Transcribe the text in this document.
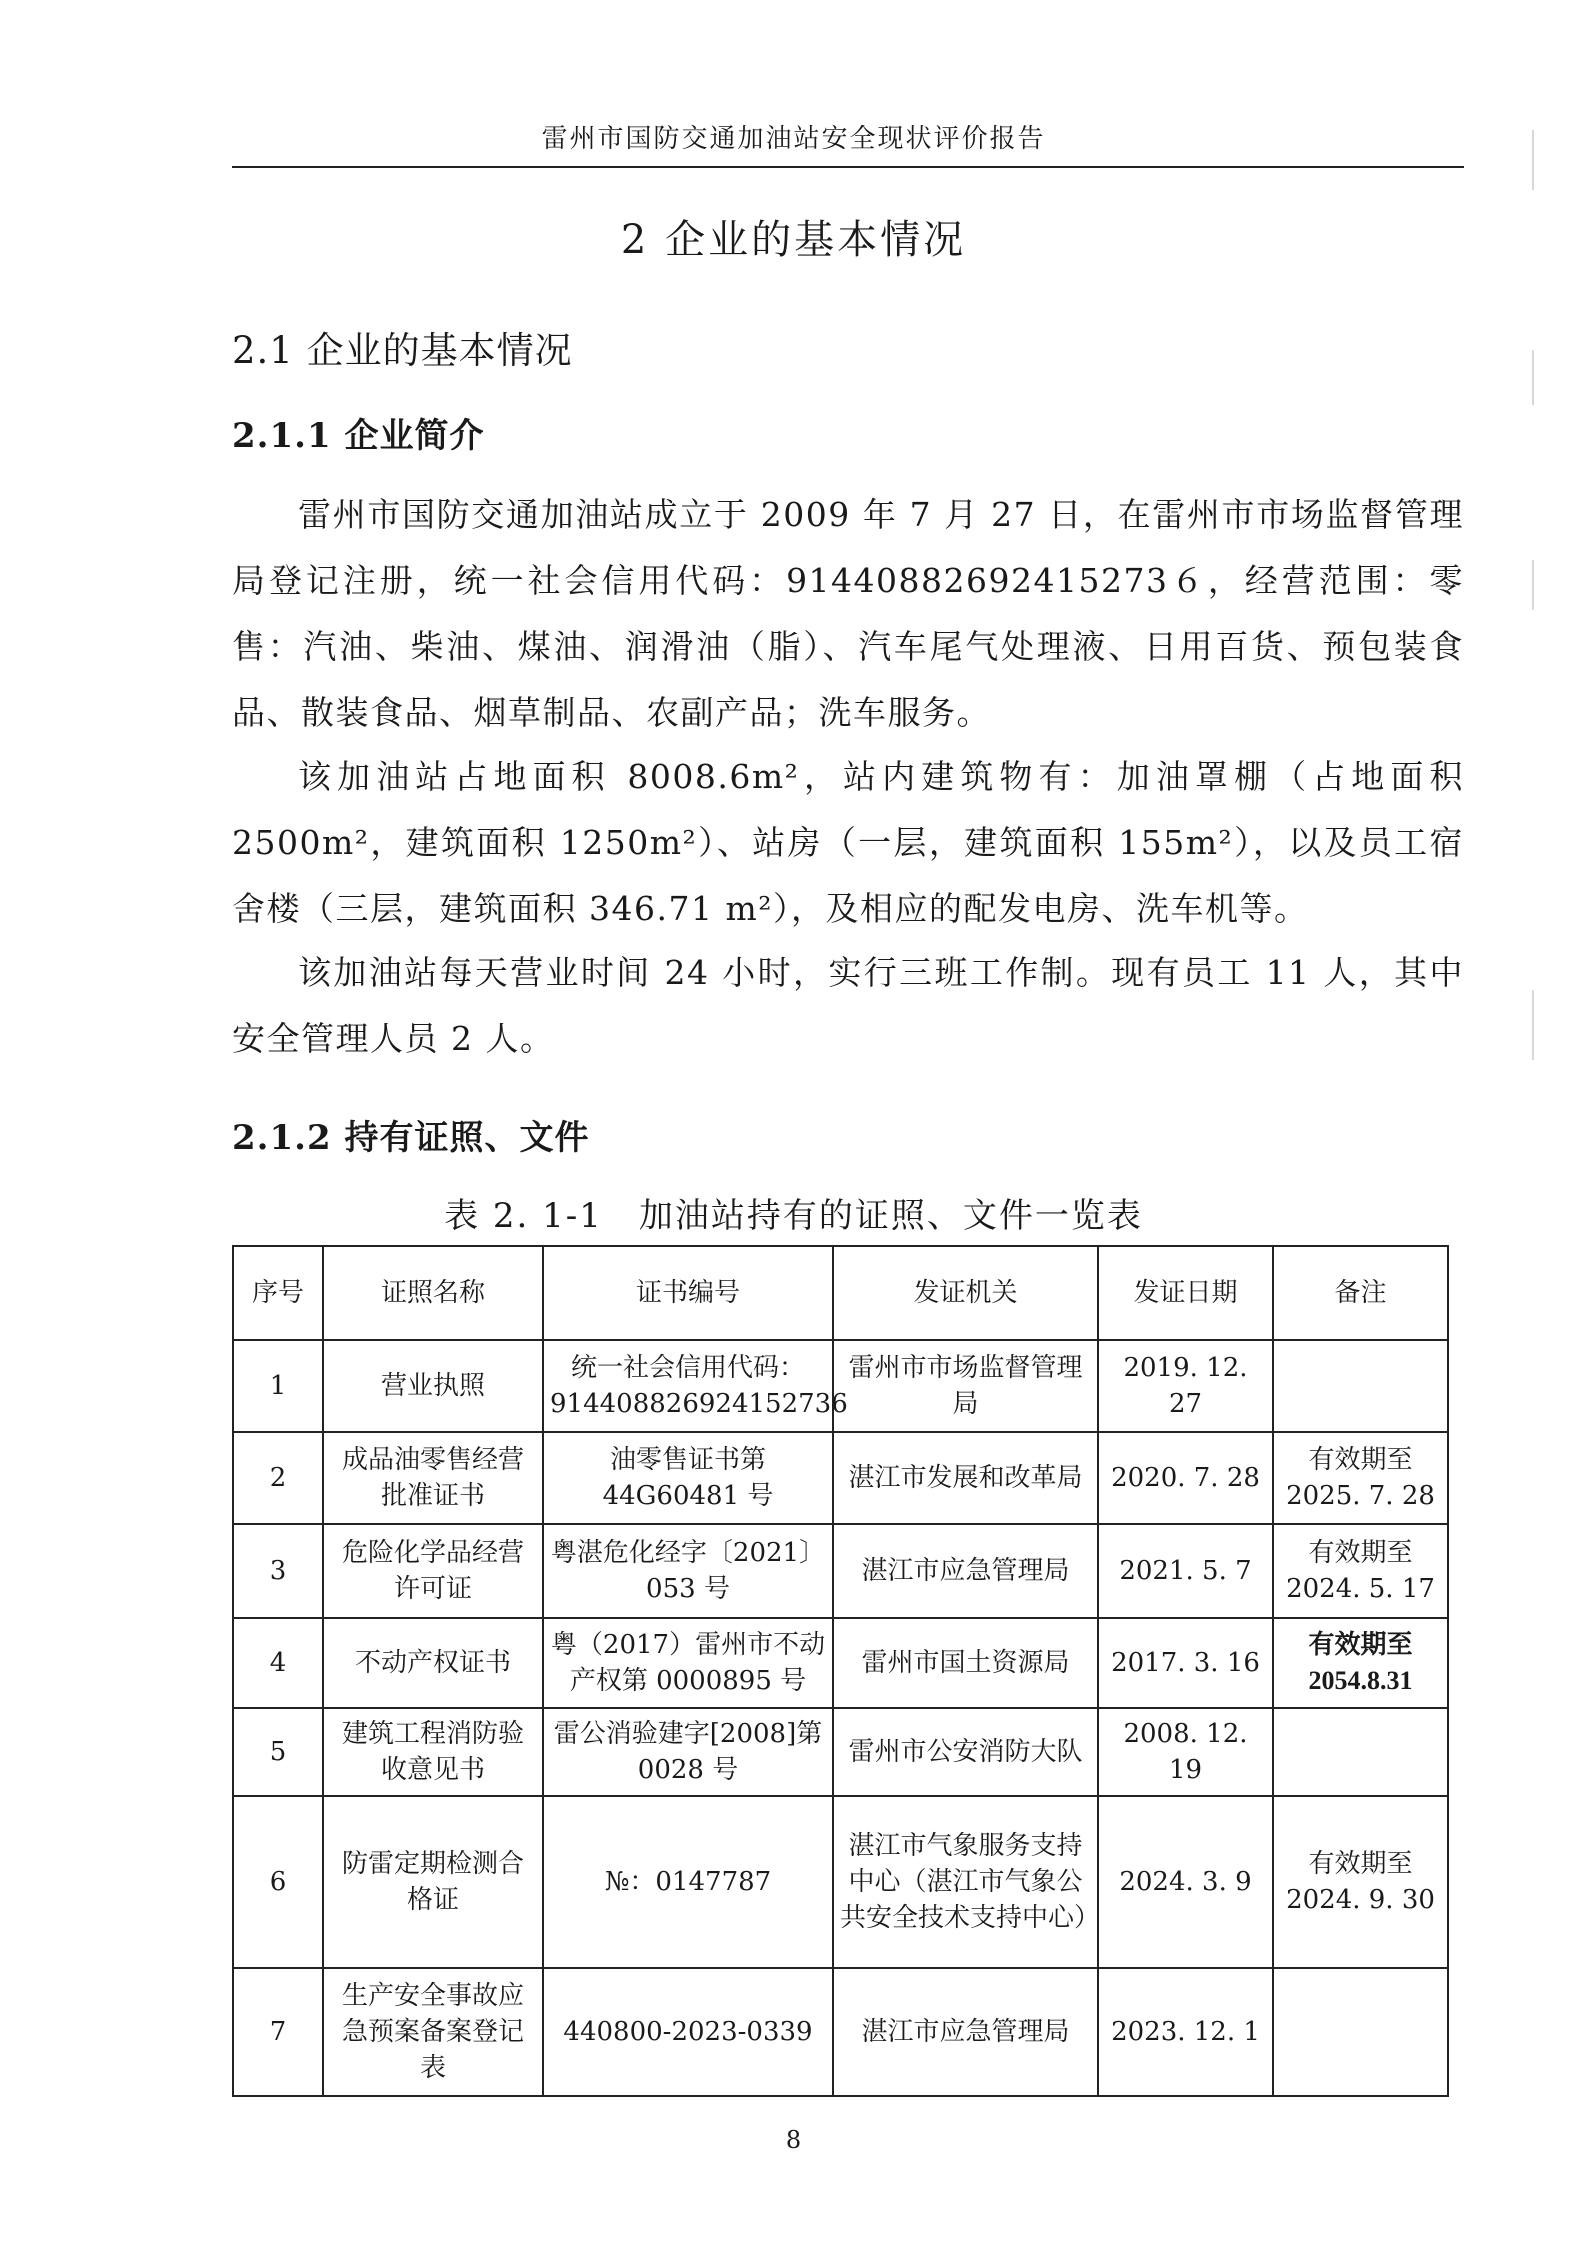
雷州市国防交通加油站安全现状评价报告
2 企业的基本情况
2.1 企业的基本情况
2.1.1 企业简介

雷州市国防交通加油站成立于 2009 年 7 月 27 日，在雷州市市场监督管理局登记注册，统一社会信用代码：91440882692415273６，经营范围：零售：汽油、柴油、煤油、润滑油（脂）、汽车尾气处理液、日用百货、预包装食品、散装食品、烟草制品、农副产品；洗车服务。

该加油站占地面积 8008.6m²，站内建筑物有：加油罩棚（占地面积 2500m²，建筑面积 1250m²）、站房（一层，建筑面积 155m²），以及员工宿舍楼（三层，建筑面积 346.71 m²），及相应的配发电房、洗车机等。

该加油站每天营业时间 24 小时，实行三班工作制。现有员工 11 人，其中安全管理人员 2 人。

2.1.2 持有证照、文件
表 2. 1-1　加油站持有的证照、文件一览表
序号	证照名称	证书编号	发证机关	发证日期	备注
1	营业执照	统一社会信用代码：914408826924152736	雷州市市场监督管理局	2019. 12. 27	
2	成品油零售经营批准证书	油零售证书第 44G60481 号	湛江市发展和改革局	2020. 7. 28	有效期至 2025. 7. 28
3	危险化学品经营许可证	粤湛危化经字〔2021〕053 号	湛江市应急管理局	2021. 5. 7	有效期至 2024. 5. 17
4	不动产权证书	粤（2017）雷州市不动产权第 0000895 号	雷州市国土资源局	2017. 3. 16	有效期至 2054.8.31
5	建筑工程消防验收意见书	雷公消验建字[2008]第 0028 号	雷州市公安消防大队	2008. 12. 19	
6	防雷定期检测合格证	№：0147787	湛江市气象服务支持中心（湛江市气象公共安全技术支持中心）	2024. 3. 9	有效期至 2024. 9. 30
7	生产安全事故应急预案备案登记表	440800-2023-0339	湛江市应急管理局	2023. 12. 1	
8
